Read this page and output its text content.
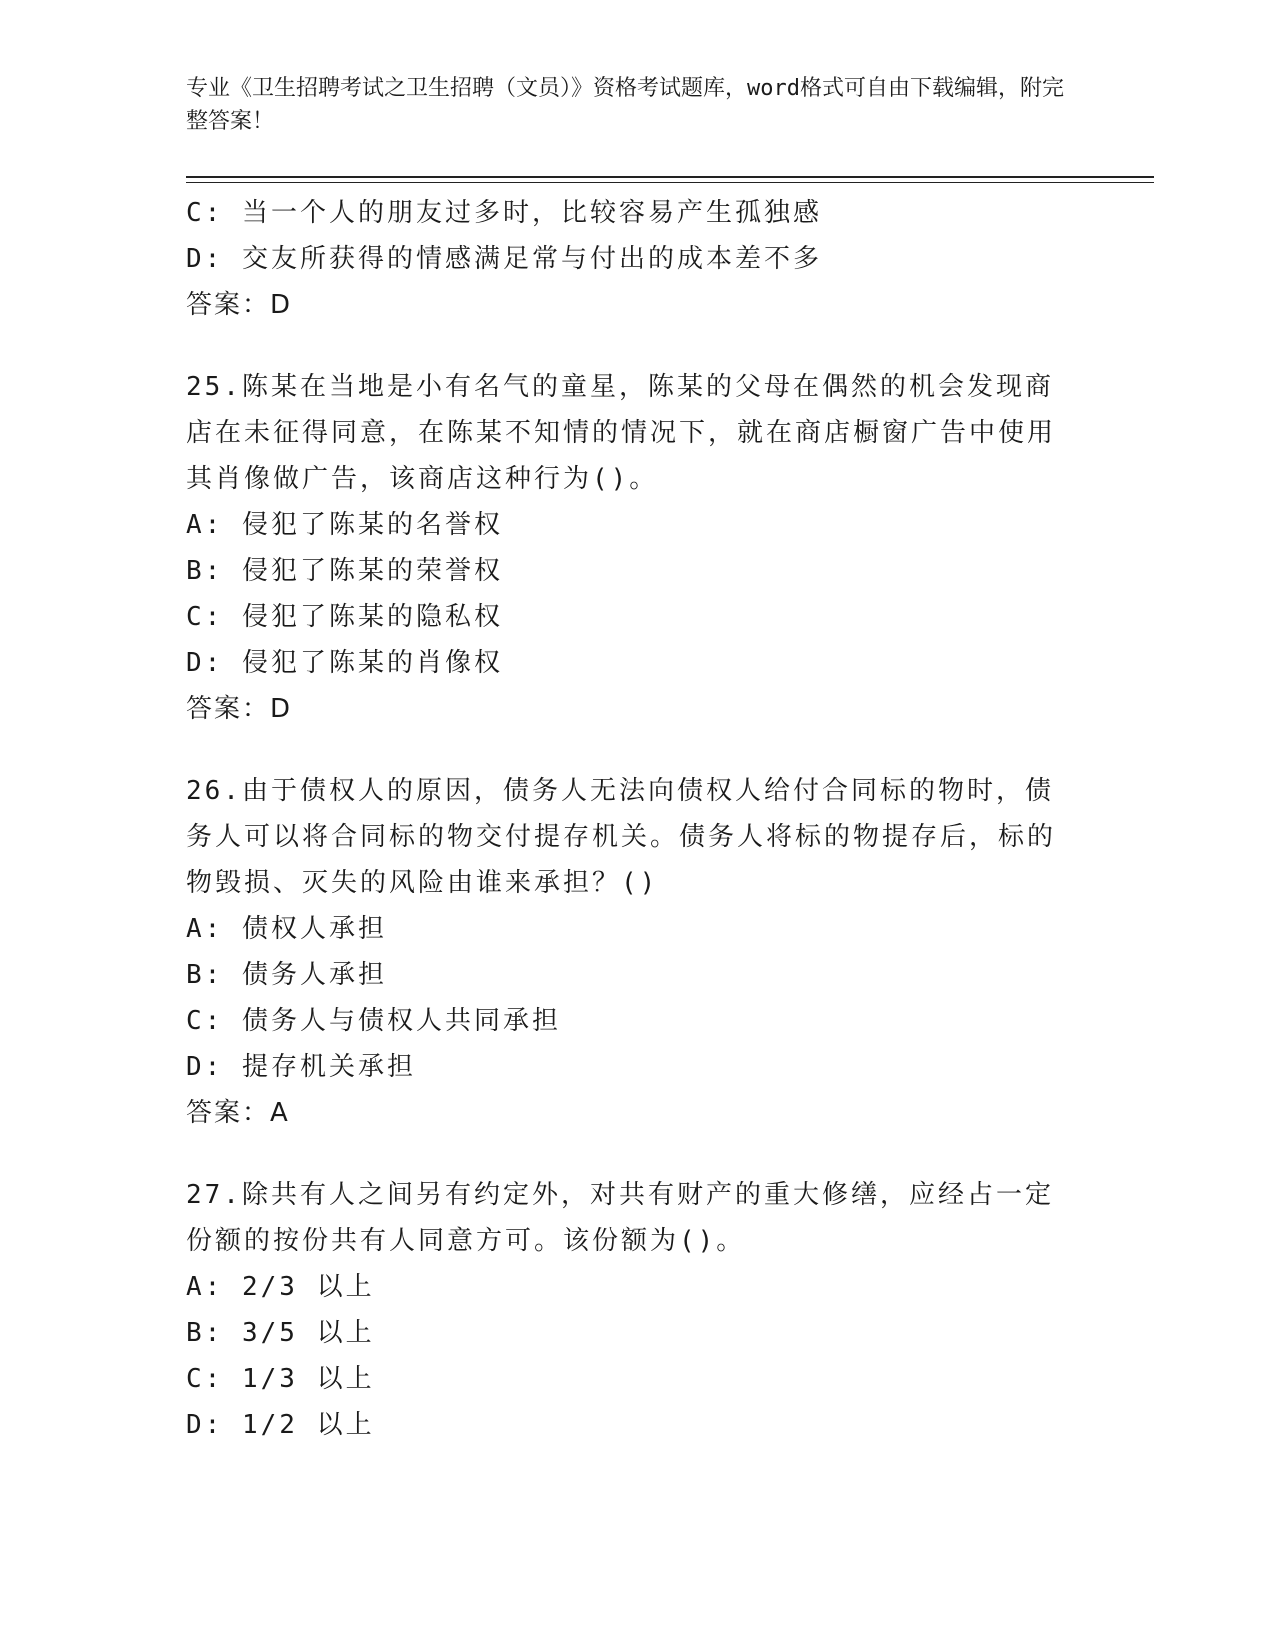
专业《卫生招聘考试之卫生招聘（文员）》资格考试题库，word格式可自由下载编辑，附完整答案！
C: 当一个人的朋友过多时，比较容易产生孤独感
D: 交友所获得的情感满足常与付出的成本差不多
答案：D
25.陈某在当地是小有名气的童星，陈某的父母在偶然的机会发现商店在未征得同意，在陈某不知情的情况下，就在商店橱窗广告中使用其肖像做广告，该商店这种行为()。
A: 侵犯了陈某的名誉权
B: 侵犯了陈某的荣誉权
C: 侵犯了陈某的隐私权
D: 侵犯了陈某的肖像权
答案：D
26.由于债权人的原因，债务人无法向债权人给付合同标的物时，债务人可以将合同标的物交付提存机关。债务人将标的物提存后，标的物毁损、灭失的风险由谁来承担？()
A: 债权人承担
B: 债务人承担
C: 债务人与债权人共同承担
D: 提存机关承担
答案：A
27.除共有人之间另有约定外，对共有财产的重大修缮，应经占一定份额的按份共有人同意方可。该份额为()。
A: 2/3 以上
B: 3/5 以上
C: 1/3 以上
D: 1/2 以上
